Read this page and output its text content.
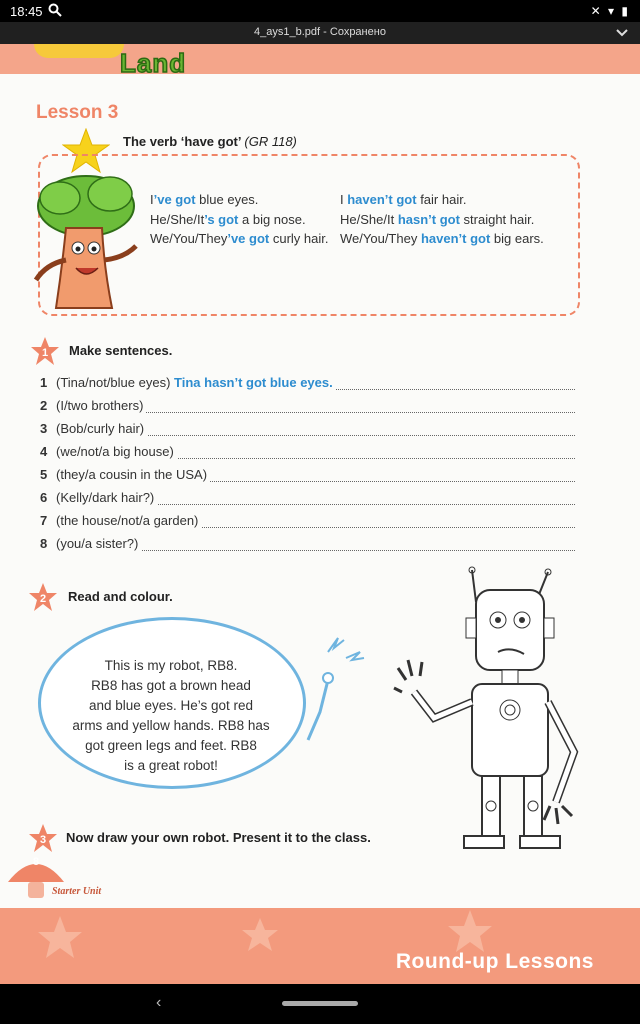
18:45	✕ ▾ ▮
4_ays1_b.pdf - Сохранено
Land
Lesson 3
The verb ‘have got’ (GR 118)
I’ve got blue eyes.
He/She/It’s got a big nose.
We/You/They’ve got curly hair.
I haven’t got fair hair.
He/She/It hasn’t got straight hair.
We/You/They haven’t got big ears.
1 Make sentences.
1 (Tina/not/blue eyes) Tina hasn’t got blue eyes.
2 (I/two brothers)
3 (Bob/curly hair)
4 (we/not/a big house)
5 (they/a cousin in the USA)
6 (Kelly/dark hair?)
7 (the house/not/a garden)
8 (you/a sister?)
2 Read and colour.
This is my robot, RB8.
RB8 has got a brown head
and blue eyes. He’s got red
arms and yellow hands. RB8 has
got green legs and feet. RB8
is a great robot!
3 Now draw your own robot. Present it to the class.
8
Starter Unit
Round-up Lessons
‹
